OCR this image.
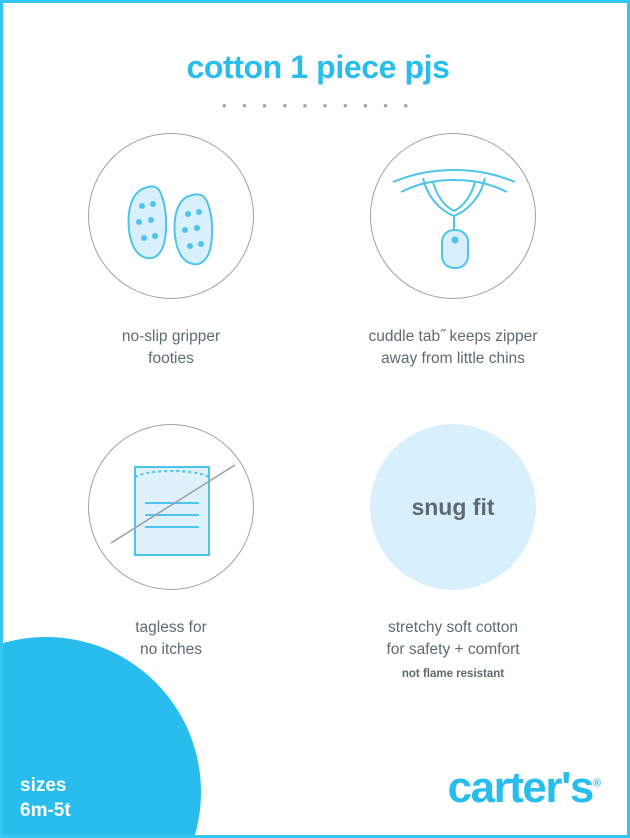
cotton 1 piece pjs
• • • • • • • • • •
no-slip gripper
footies
cuddle tab˝ keeps zipper
away from little chins
tagless for
no itches
snug fit
stretchy soft cotton
for safety + comfort
not flame resistant
sizes
6m-5t	carter's®
